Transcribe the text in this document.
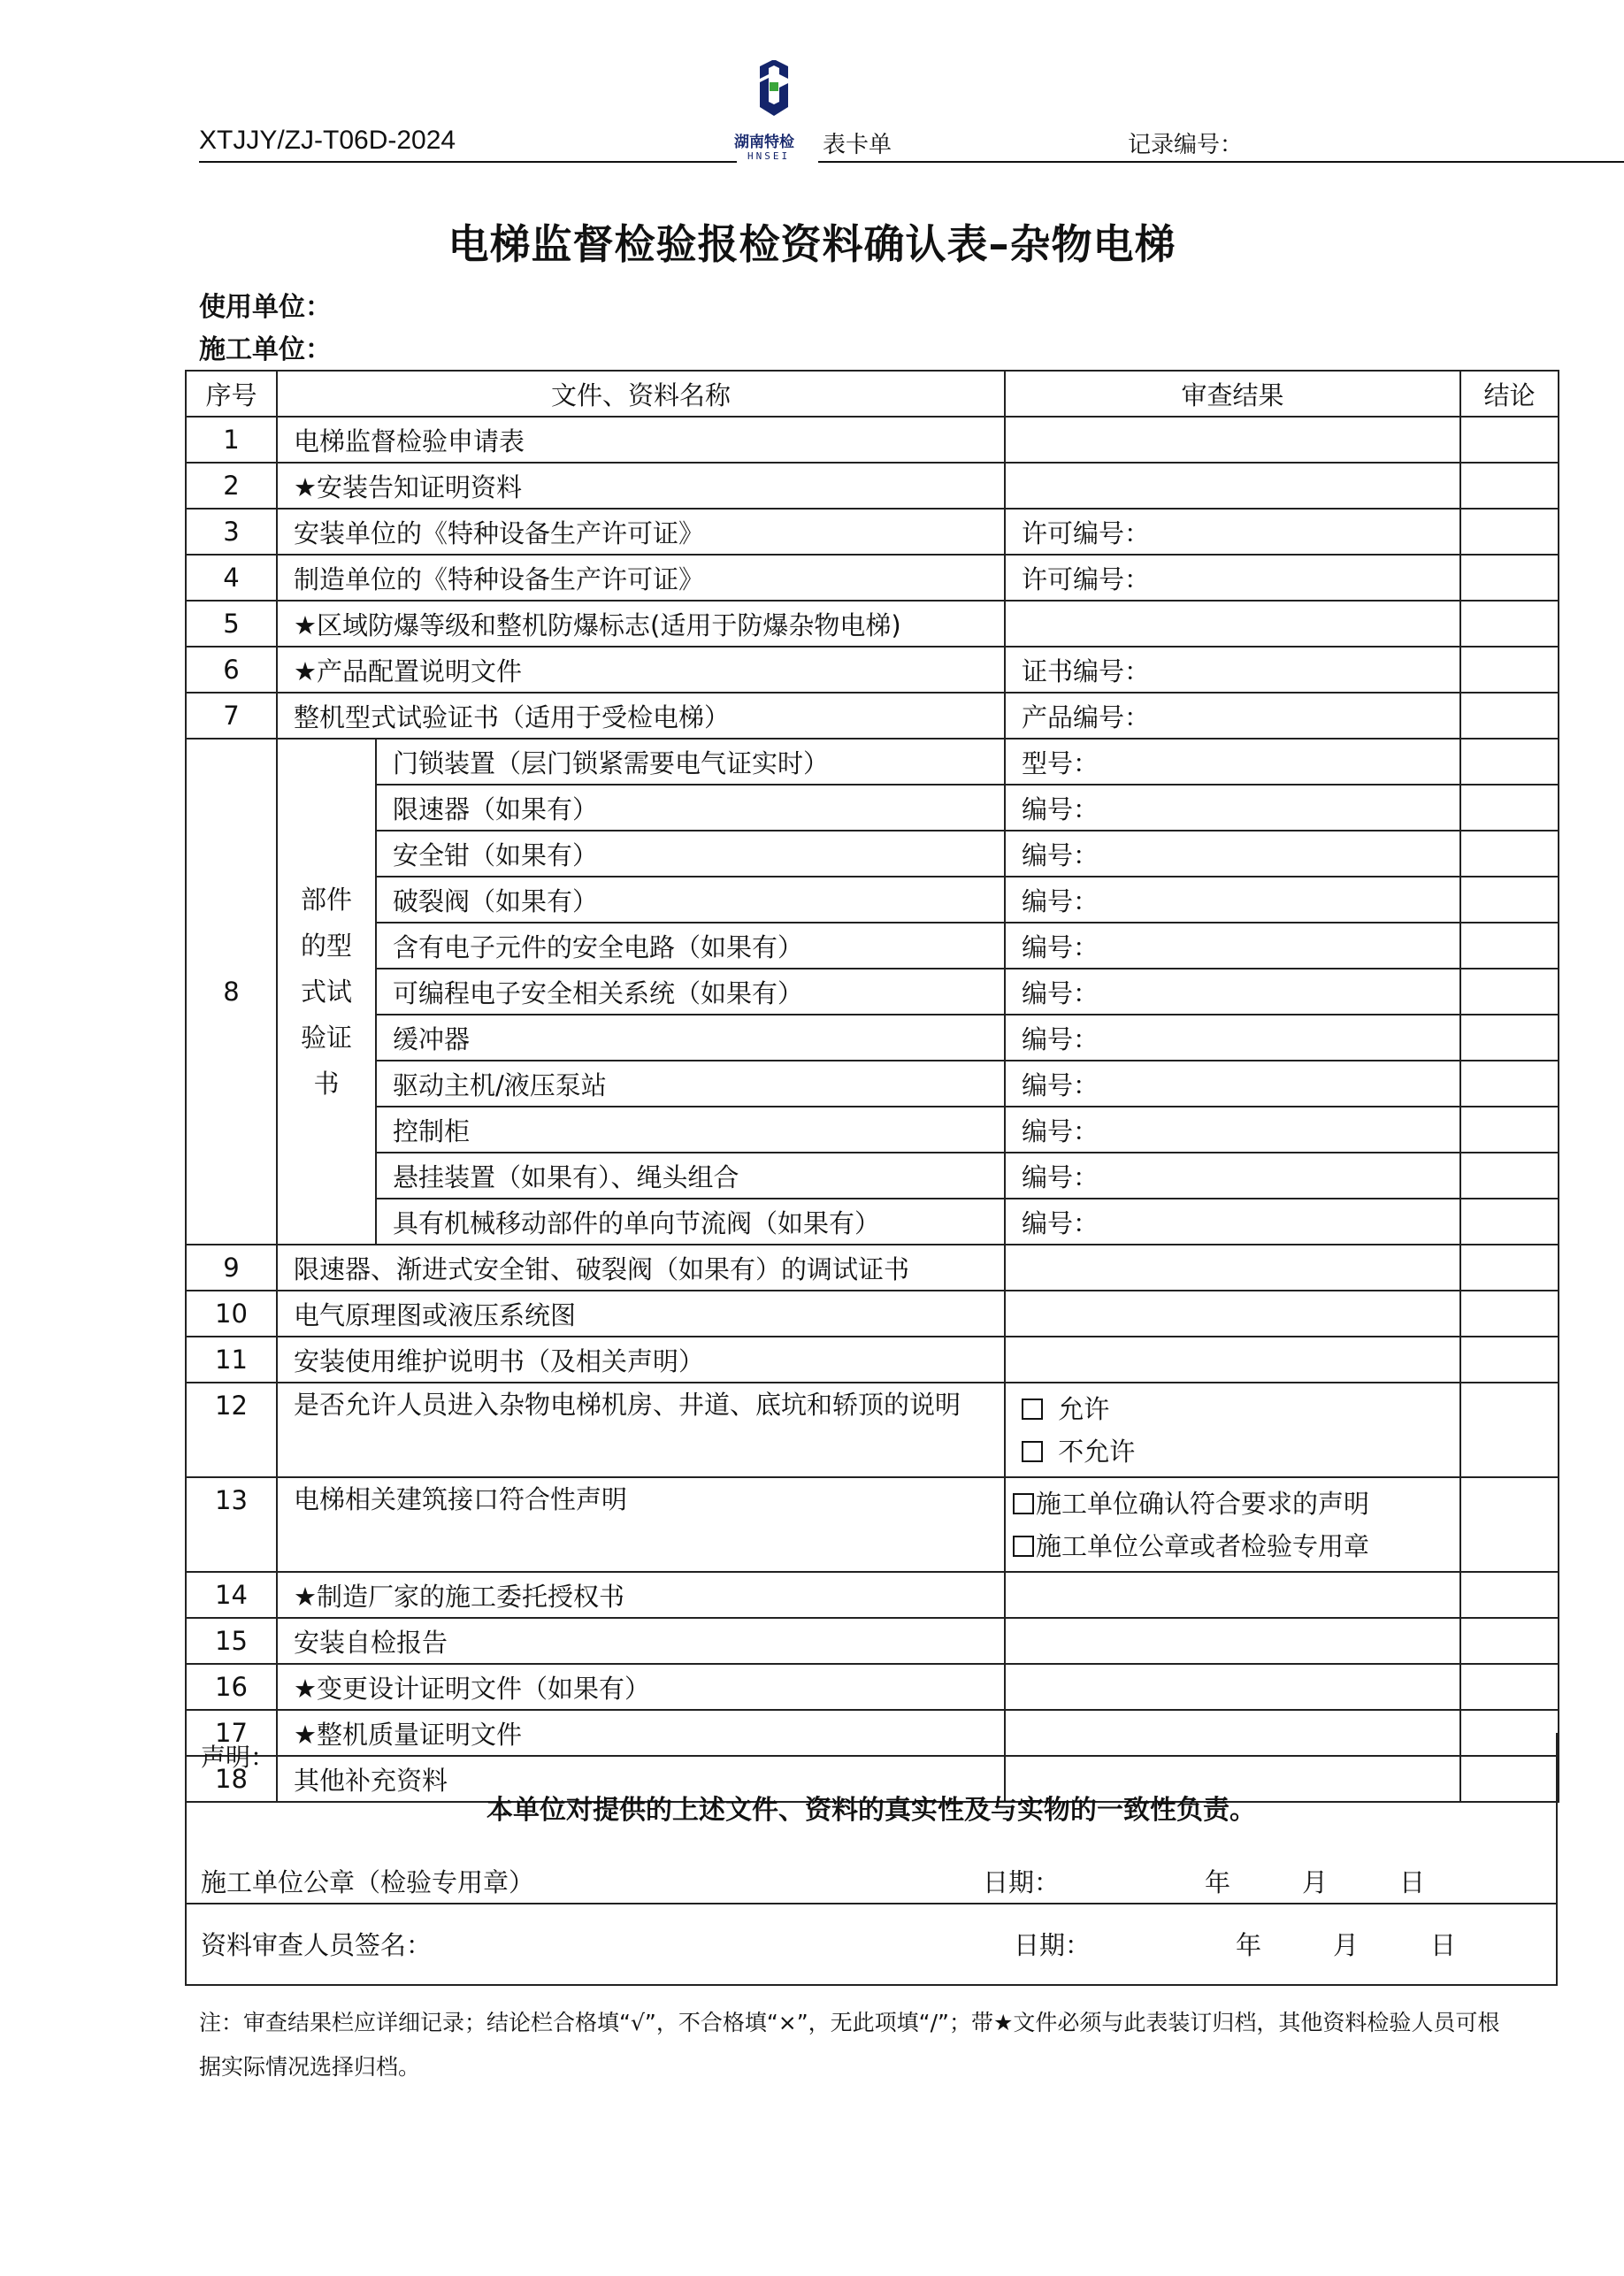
XTJJY/ZJ-T06D-2024	湖南特检
HNSEI 表卡单	记录编号：
电梯监督检验报检资料确认表–杂物电梯
使用单位：
施工单位：
序号	文件、资料名称		审查结果	结论
1	电梯监督检验申请表			
2	★安装告知证明资料			
3	安装单位的《特种设备生产许可证》		许可编号：	
4	制造单位的《特种设备生产许可证》		许可编号：	
5	★区域防爆等级和整机防爆标志(适用于防爆杂物电梯)			
6	★产品配置说明文件		证书编号：	
7	整机型式试验证书（适用于受检电梯）		产品编号：	
8	部件的型式试验证书	门锁装置（层门锁紧需要电气证实时）	型号：	
		限速器（如果有）	编号：	
		安全钳（如果有）	编号：	
		破裂阀（如果有）	编号：	
		含有电子元件的安全电路（如果有）	编号：	
		可编程电子安全相关系统（如果有）	编号：	
		缓冲器	编号：	
		驱动主机/液压泵站	编号：	
		控制柜	编号：	
		悬挂装置（如果有）、绳头组合	编号：	
		具有机械移动部件的单向节流阀（如果有）	编号：	
9	限速器、渐进式安全钳、破裂阀（如果有）的调试证书			
10	电气原理图或液压系统图			
11	安装使用维护说明书（及相关声明）			
12	是否允许人员进入杂物电梯机房、井道、底坑和轿顶的说明		允许
不允许	

13	电梯相关建筑接口符合性声明		施工单位确认符合要求的声明
施工单位公章或者检验专用章	

14	★制造厂家的施工委托授权书			
15	安装自检报告			
16	★变更设计证明文件（如果有）			
17	★整机质量证明文件			
18	其他补充资料			
声明：
本单位对提供的上述文件、资料的真实性及与实物的一致性负责。
施工单位公章（检验专用章）	日期：	年	月	日
资料审查人员签名：	日期：	年	月	日
注：审查结果栏应详细记录；结论栏合格填“√”，不合格填“×”，无此项填“/”；带★文件必须与此表装订归档，其他资料检验人员可根据实际情况选择归档。
